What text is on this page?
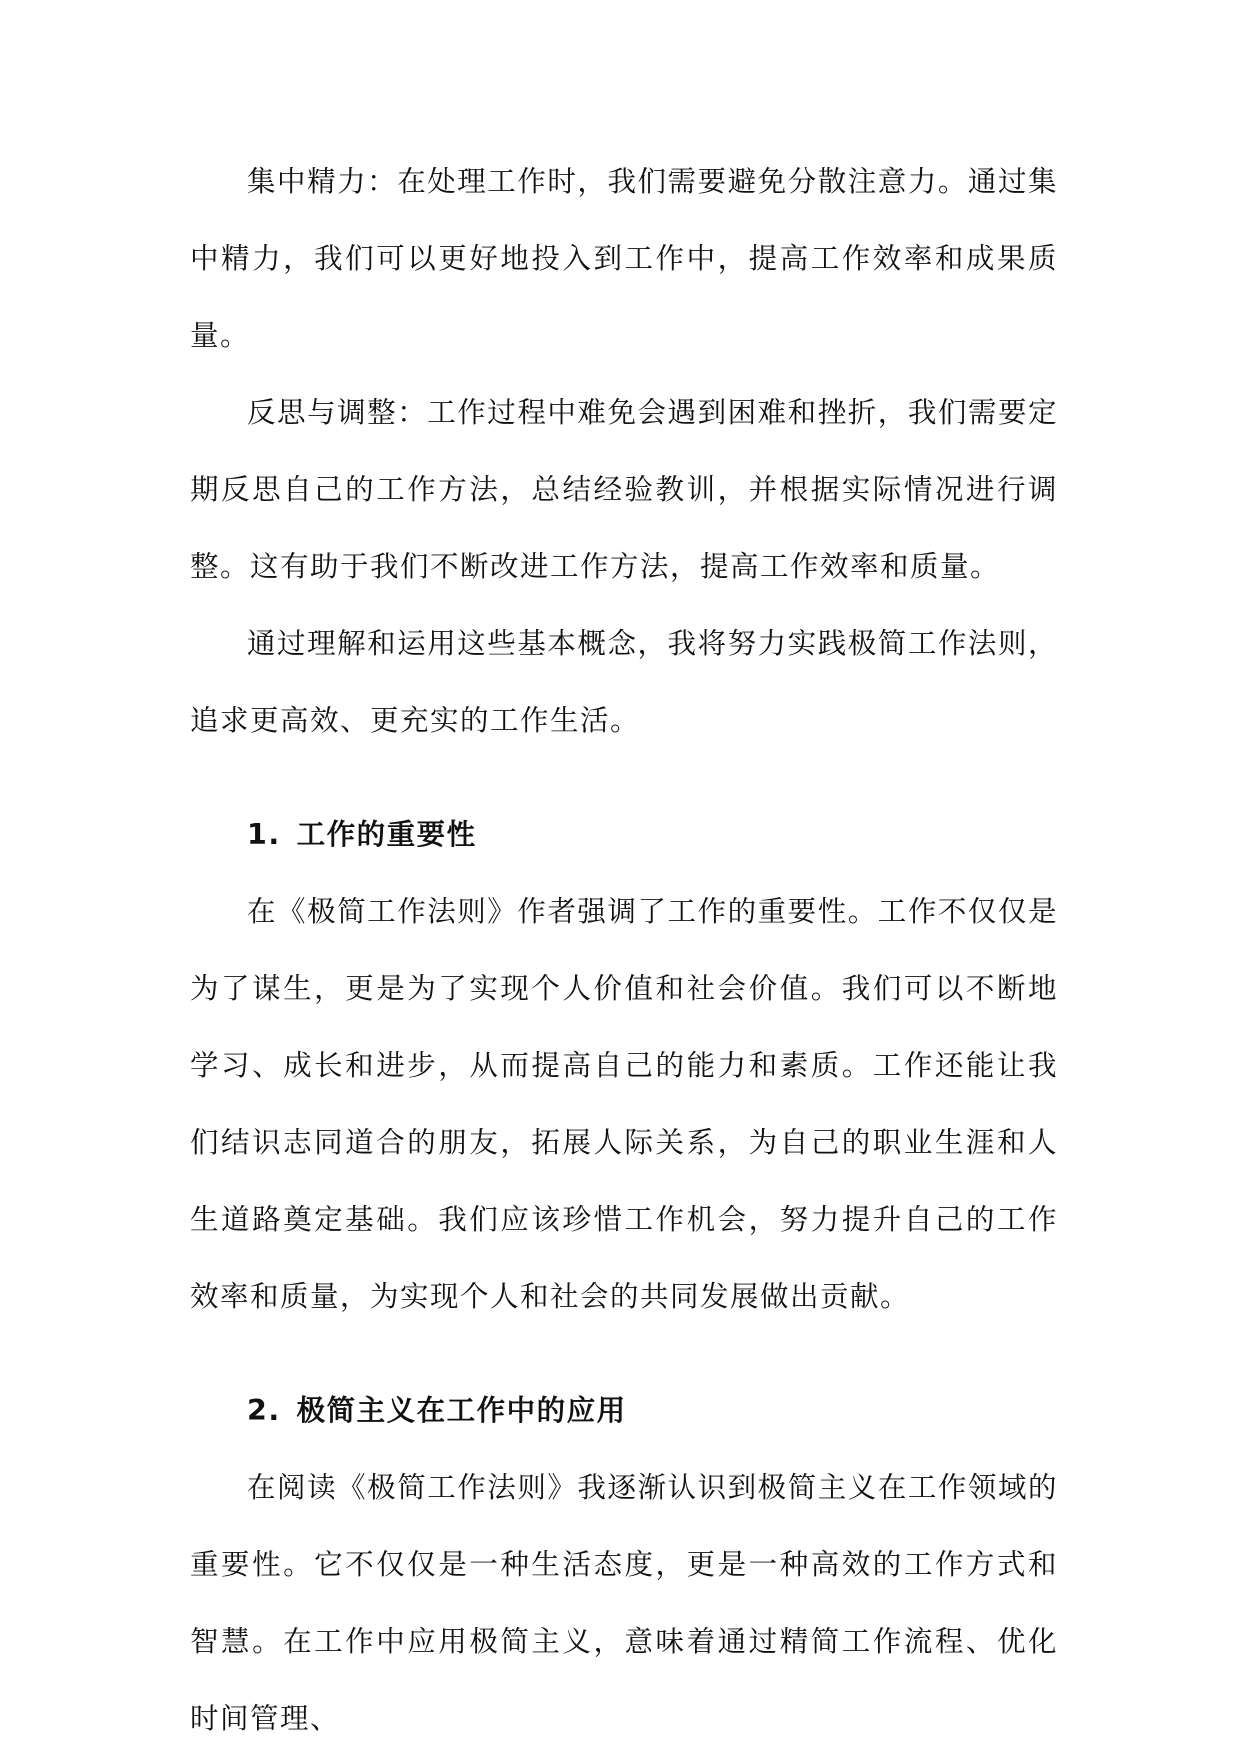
集中精力：在处理工作时，我们需要避免分散注意力。通过集中精力，我们可以更好地投入到工作中，提高工作效率和成果质量。

反思与调整：工作过程中难免会遇到困难和挫折，我们需要定期反思自己的工作方法，总结经验教训，并根据实际情况进行调整。这有助于我们不断改进工作方法，提高工作效率和质量。

通过理解和运用这些基本概念，我将努力实践极简工作法则，追求更高效、更充实的工作生活。

1. 工作的重要性

在《极简工作法则》作者强调了工作的重要性。工作不仅仅是为了谋生，更是为了实现个人价值和社会价值。我们可以不断地学习、成长和进步，从而提高自己的能力和素质。工作还能让我们结识志同道合的朋友，拓展人际关系，为自己的职业生涯和人生道路奠定基础。我们应该珍惜工作机会，努力提升自己的工作效率和质量，为实现个人和社会的共同发展做出贡献。

2. 极简主义在工作中的应用

在阅读《极简工作法则》我逐渐认识到极简主义在工作领域的重要性。它不仅仅是一种生活态度，更是一种高效的工作方式和智慧。在工作中应用极简主义，意味着通过精简工作流程、优化时间管理、
